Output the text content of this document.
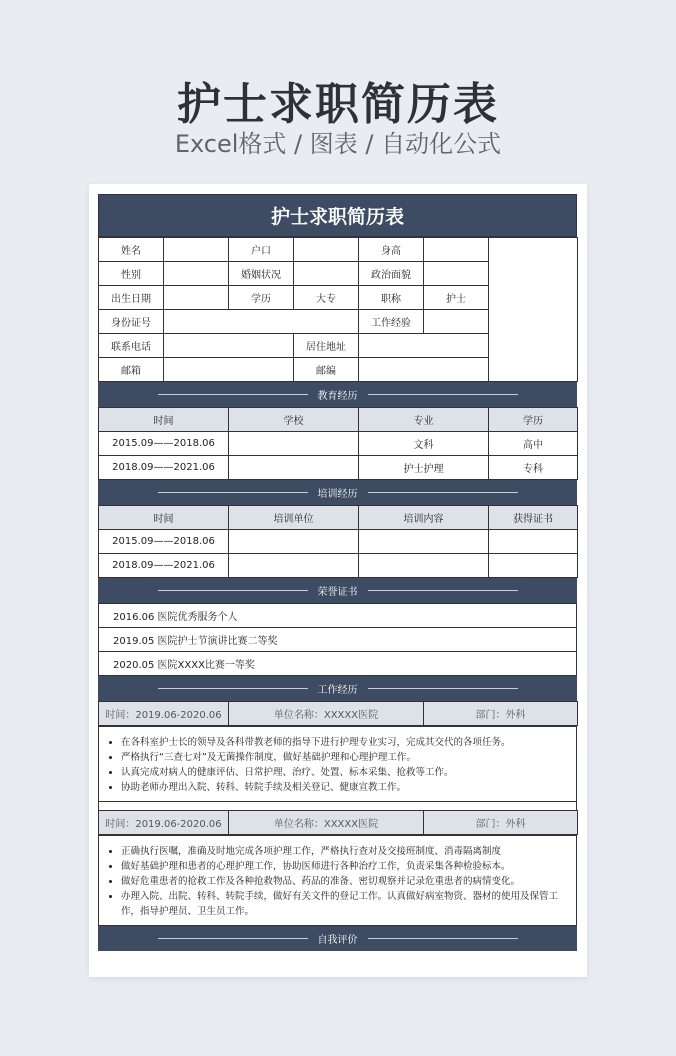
护士求职简历表
Excel格式 / 图表 / 自动化公式
护士求职简历表
姓名		户口		身高		
性别		婚姻状况		政治面貌		
出生日期		学历	大专	职称	护士	
身份证号				工作经验		
联系电话			居住地址			
邮箱			邮编			
教育经历
时间	学校	专业	学历
2015.09——2018.06		文科	高中
2018.09——2021.06		护士护理	专科
培训经历
时间	培训单位	培训内容	获得证书
2015.09——2018.06			
2018.09——2021.06			
荣誉证书
2016.06 医院优秀服务个人
2019.05 医院护士节演讲比赛二等奖
2020.05 医院XXXX比赛一等奖
工作经历
时间：2019.06-2020.06	单位名称：XXXXX医院	部门：外科
• 在各科室护士长的领导及各科带教老师的指导下进行护理专业实习，完成其交代的各项任务。
• 严格执行“三查七对”及无菌操作制度，做好基础护理和心理护理工作。
• 认真完成对病人的健康评估、日常护理、治疗、处置、标本采集、抢救等工作。
• 协助老师办理出入院、转科、转院手续及相关登记、健康宣教工作。
时间：2019.06-2020.06	单位名称：XXXXX医院	部门：外科
• 正确执行医嘱，准确及时地完成各项护理工作，严格执行查对及交接班制度、消毒隔离制度
• 做好基础护理和患者的心理护理工作，协助医师进行各种治疗工作，负责采集各种检验标本。
• 做好危重患者的抢救工作及各种抢救物品、药品的准备、密切观察并记录危重患者的病情变化。
• 办理入院、出院、转科、转院手续，做好有关文件的登记工作。认真做好病室物资、器材的使用及保管工作，指导护理员、卫生员工作。
自我评价
